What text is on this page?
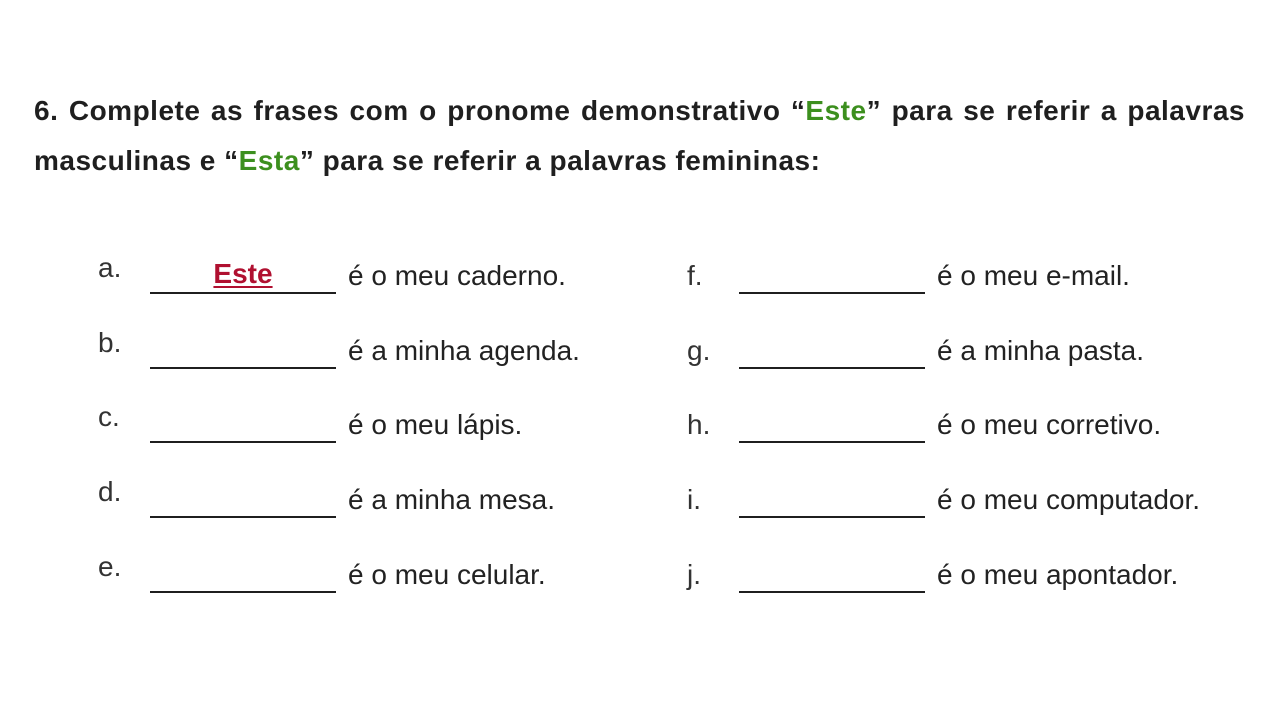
6. Complete as frases com o pronome demonstrativo “Este” para se referir a palavras masculinas e “Esta” para se referir a palavras femininas:

a.	Este	é o meu caderno.
b.	é a minha agenda.
c.	é o meu lápis.
d.	é a minha mesa.
e.	é o meu celular.
f.	é o meu e-mail.
g.	é a minha pasta.
h.	é o meu corretivo.
i.	é o meu computador.
j.	é o meu apontador.
